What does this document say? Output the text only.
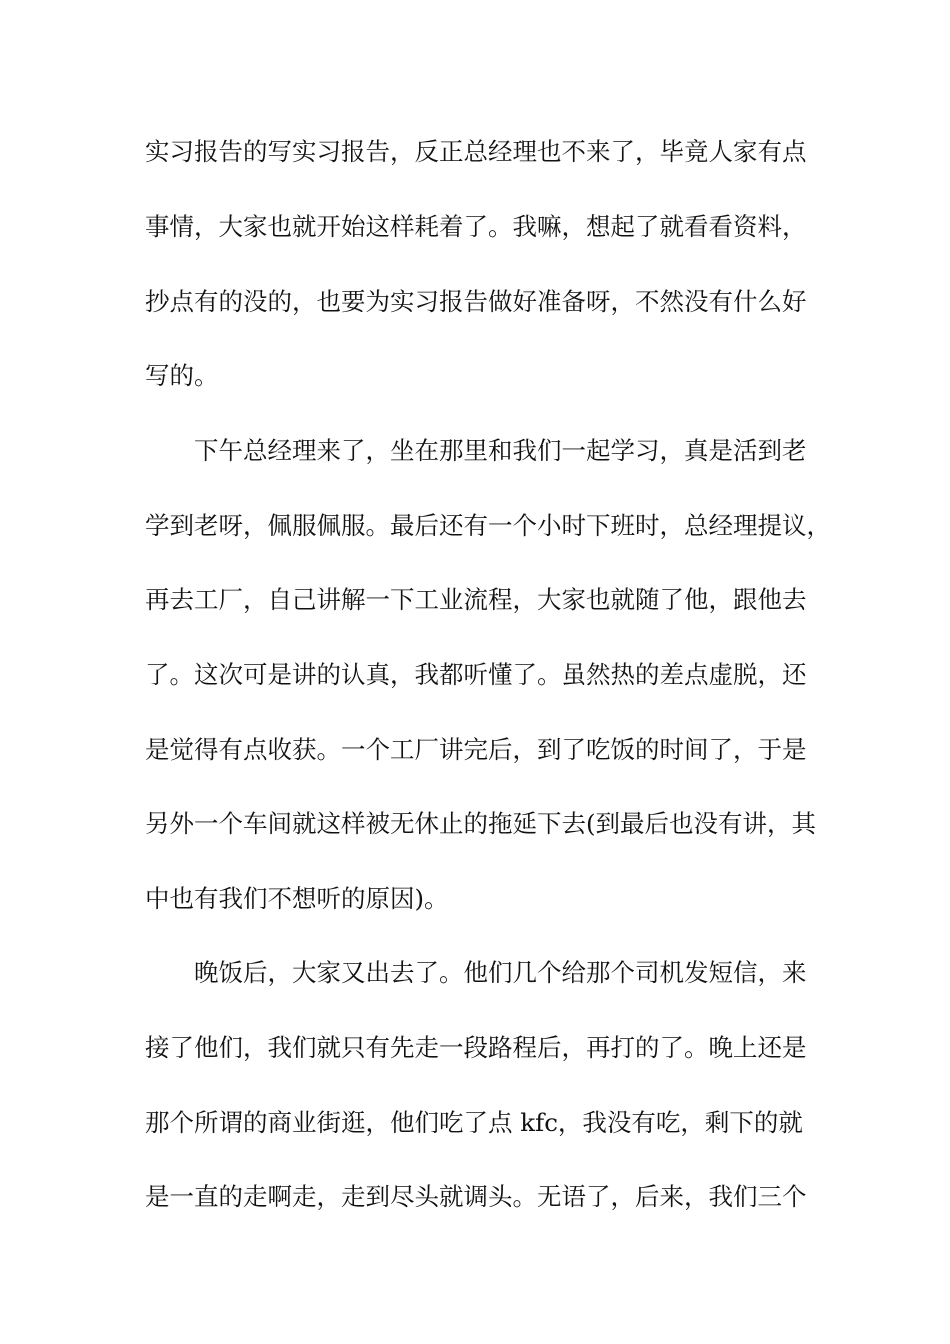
实习报告的写实习报告，反正总经理也不来了，毕竟人家有点

事情，大家也就开始这样耗着了。我嘛，想起了就看看资料，

抄点有的没的，也要为实习报告做好准备呀，不然没有什么好

写的。

　　下午总经理来了，坐在那里和我们一起学习，真是活到老

学到老呀，佩服佩服。最后还有一个小时下班时，总经理提议，

再去工厂，自己讲解一下工业流程，大家也就随了他，跟他去

了。这次可是讲的认真，我都听懂了。虽然热的差点虚脱，还

是觉得有点收获。一个工厂讲完后，到了吃饭的时间了，于是

另外一个车间就这样被无休止的拖延下去(到最后也没有讲，其

中也有我们不想听的原因)。

　　晚饭后，大家又出去了。他们几个给那个司机发短信，来

接了他们，我们就只有先走一段路程后，再打的了。晚上还是

那个所谓的商业街逛，他们吃了点 kfc，我没有吃，剩下的就

是一直的走啊走，走到尽头就调头。无语了，后来，我们三个
